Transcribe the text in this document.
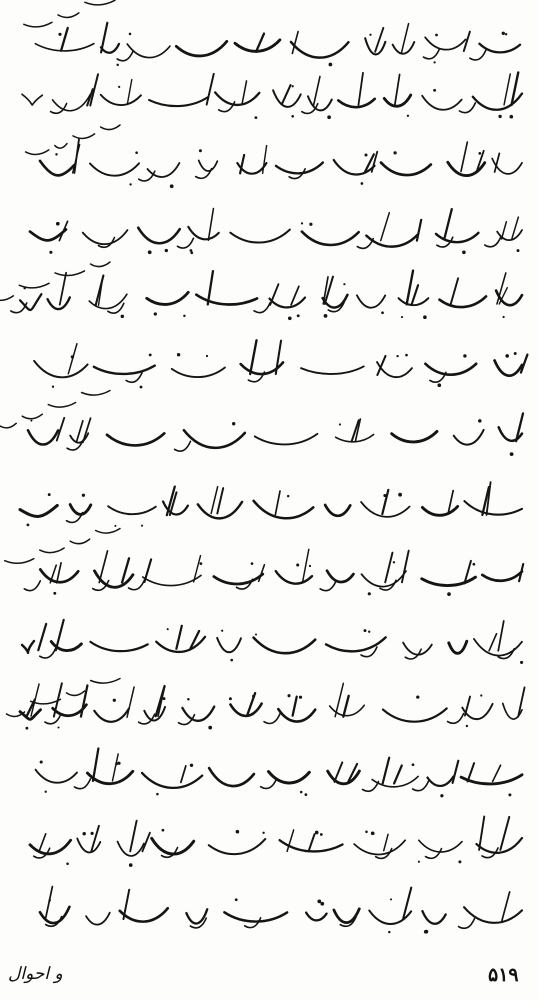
و احوال	۵۱۹
